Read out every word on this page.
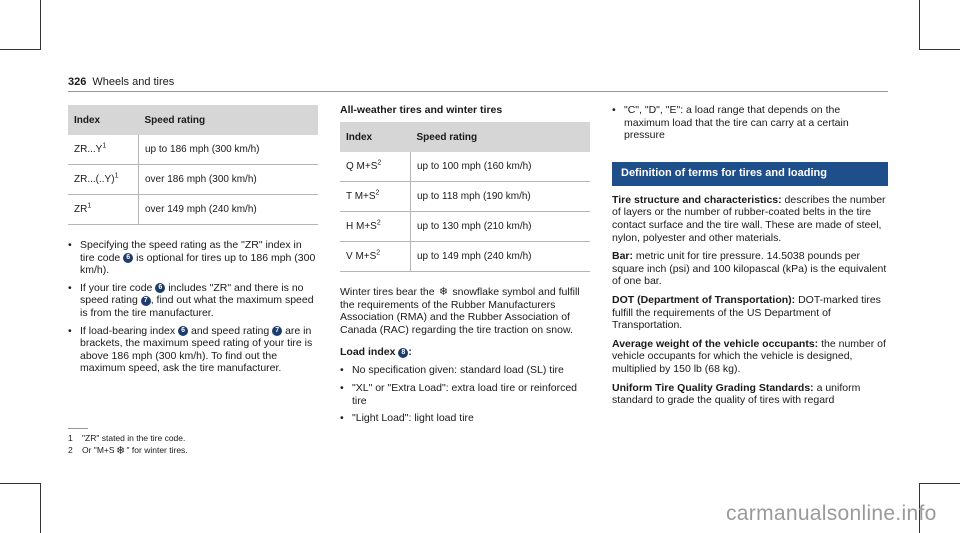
326 Wheels and tires
Index	Speed rating
$ZR...Y^1$	up to 186 mph (300 km/h)
$ZR...(..Y)^1$	over 186 mph (300 km/h)
$ZR^1$	over 149 mph (240 km/h)
• Specifying the speed rating as the "ZR" index in tire code 6 is optional for tires up to 186 mph (300 km/h).
• If your tire code 6 includes "ZR" and there is no speed rating 7 , find out what the maximum speed is from the tire manufacturer.
• If load-bearing index 6 and speed rating 7 are in brackets, the maximum speed rating of your tire is above 186 mph (300 km/h). To find out the maximum speed, ask the tire manufacturer.
1 "ZR" stated in the tire code.
2 Or "M+S❄" for winter tires.
All-weather tires and winter tires
Index	Speed rating
Q $M+S^2$	up to 100 mph (160 km/h)
T $M+S^2$	up to 118 mph (190 km/h)
H $M+S^2$	up to 130 mph (210 km/h)
V $M+S^2$	up to 149 mph (240 km/h)

Winter tires bear the ❄ snowflake symbol and fulfill the requirements of the Rubber Manufacturers Association (RMA) and the Rubber Association of Canada (RAC) regarding the tire traction on snow.

Load index 8 :
• No specification given: standard load (SL) tire
• "XL" or "Extra Load": extra load tire or reinforced tire
• "Light Load": light load tire
• "C", "D", "E": a load range that depends on the maximum load that the tire can carry at a certain pressure
Definition of terms for tires and loading

Tire structure and characteristics: describes the number of layers or the number of rubber-coated belts in the tire contact surface and the tire wall. These are made of steel, nylon, polyester and other materials.

Bar: metric unit for tire pressure. 14.5038 pounds per square inch (psi) and 100 kilopascal (kPa) is the equivalent of one bar.

DOT (Department of Transportation): DOT-marked tires fulfill the requirements of the US Department of Transportation.

Average weight of the vehicle occupants: the number of vehicle occupants for which the vehicle is designed, multiplied by 150 lb (68 kg).

Uniform Tire Quality Grading Standards: a uniform standard to grade the quality of tires with regard

carmanualsonline.info
